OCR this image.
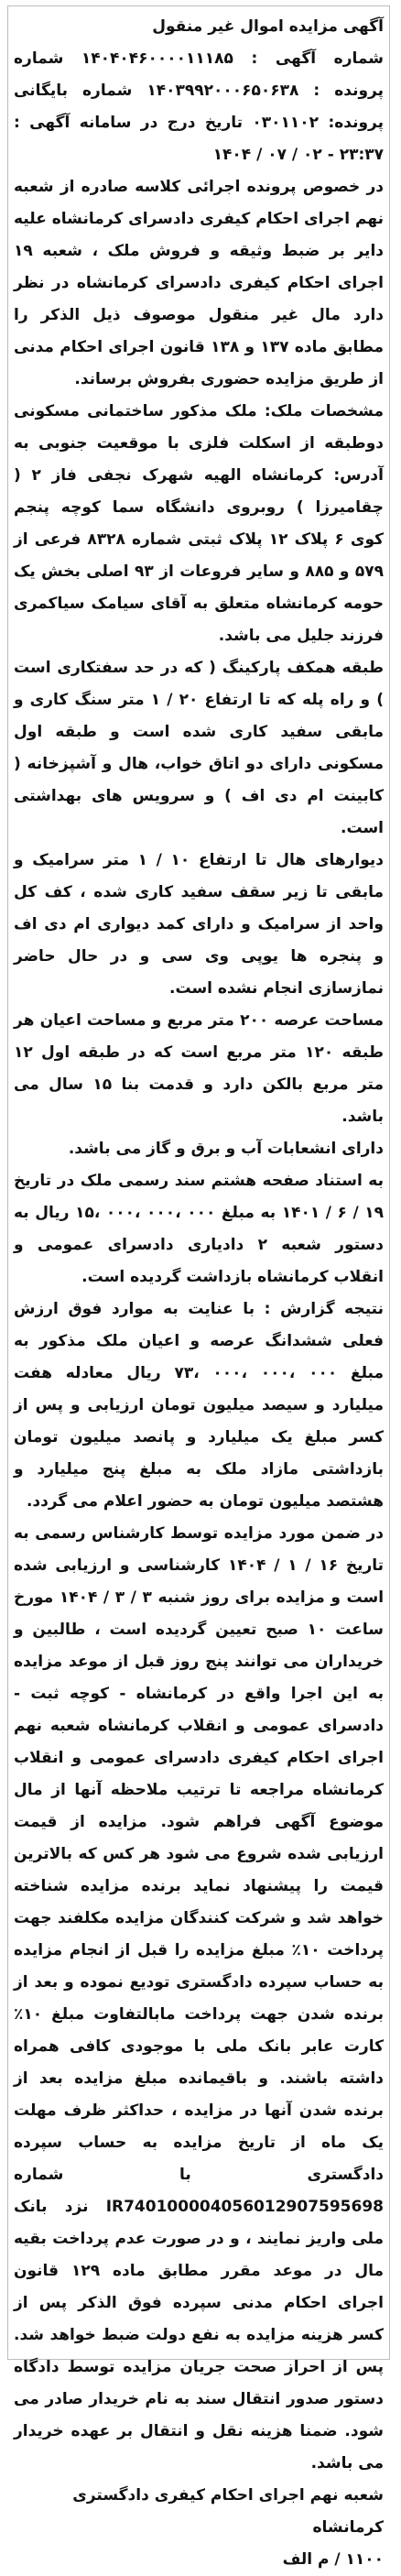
آگهی مزایده اموال غیر منقول

شماره آگهی : ۱۴۰۴۰۴۶۰۰۰۰۱۱۱۸۵ شماره پرونده : ۱۴۰۳۹۹۲۰۰۰۶۵۰۶۳۸ شماره بایگانی پرونده: ۰۳۰۱۱۰۲ تاریخ درج در سامانه آگهی : ۲۳:۳۷ - ۰۲ / ۰۷ / ۱۴۰۴

در خصوص پرونده اجرائی کلاسه صادره از شعبه نهم اجرای احکام کیفری دادسرای کرمانشاه علیه دایر بر ضبط وثیقه و فروش ملک ، شعبه ۱۹ اجرای احکام کیفری دادسرای کرمانشاه در نظر دارد مال غیر منقول موصوف ذیل الذکر را مطابق ماده ۱۳۷ و ۱۳۸ قانون اجرای احکام مدنی از طریق مزایده حضوری بفروش برساند.

مشخصات ملک: ملک مذکور ساختمانی مسکونی دوطبقه از اسکلت فلزی با موقعیت جنوبی به آدرس: کرمانشاه الهیه شهرک نجفی فاز ۲ ( چقامیرزا ) روبروی دانشگاه سما کوچه پنجم کوی ۶ پلاک ۱۲ پلاک ثبتی شماره ۸۳۲۸ فرعی از ۵۷۹ و ۸۸۵ و سایر فروعات از ۹۳ اصلی بخش یک حومه کرمانشاه متعلق به آقای سیامک سیاکمری فرزند جلیل می باشد.

طبقه همکف پارکینگ ( که در حد سفتکاری است ) و راه پله که تا ارتفاع ۲۰ / ۱ متر سنگ کاری و مابقی سفید کاری شده است و طبقه اول مسکونی دارای دو اتاق خواب، هال و آشپزخانه ( کابینت ام دی اف ) و سرویس های بهداشتی است.

دیوارهای هال تا ارتفاع ۱۰ / ۱ متر سرامیک و مابقی تا زیر سقف سفید کاری شده ، کف کل واحد از سرامیک و دارای کمد دیواری ام دی اف و پنجره ها یوپی وی سی و در حال حاضر نمازسازی انجام نشده است.

مساحت عرصه ۲۰۰ متر مربع و مساحت اعیان هر طبقه ۱۲۰ متر مربع است که در طبقه اول ۱۲ متر مربع بالکن دارد و قدمت بنا ۱۵ سال می باشد.

دارای انشعابات آب و برق و گاز می باشد.

به استناد صفحه هشتم سند رسمی ملک در تاریخ ۱۹ / ۶ / ۱۴۰۱ به مبلغ ۰۰۰ ،۰۰۰ ،۰۰۰ ،۱۵ ریال به دستور شعبه ۲ دادیاری دادسرای عمومی و انقلاب کرمانشاه بازداشت گردیده است.

نتیجه گزارش : با عنایت به موارد فوق ارزش فعلی ششدانگ عرصه و اعیان ملک مذکور به مبلغ ۰۰۰ ،۰۰۰ ،۰۰۰ ،۷۳ ریال معادله هفت میلیارد و سیصد میلیون تومان ارزیابی و پس از کسر مبلغ یک میلیارد و پانصد میلیون تومان بازداشتی مازاد ملک به مبلغ پنج میلیارد و هشتصد میلیون تومان به حضور اعلام می گردد.

در ضمن مورد مزایده توسط کارشناس رسمی به تاریخ ۱۶ / ۱ / ۱۴۰۴ کارشناسی و ارزیابی شده است و مزایده برای روز شنبه ۳ / ۳ / ۱۴۰۴ مورخ ساعت ۱۰ صبح تعیین گردیده است ، طالبین و خریداران می توانند پنج روز قبل از موعد مزایده به این اجرا واقع در کرمانشاه - کوچه ثبت - دادسرای عمومی و انقلاب کرمانشاه شعبه نهم اجرای احکام کیفری دادسرای عمومی و انقلاب کرمانشاه مراجعه تا ترتیب ملاحظه آنها از مال موضوع آگهی فراهم شود. مزایده از قیمت ارزیابی شده شروع می شود هر کس که بالاترین قیمت را پیشنهاد نماید برنده مزایده شناخته خواهد شد و شرکت کنندگان مزایده مکلفند جهت پرداخت ۱۰٪ مبلغ مزایده را قبل از انجام مزایده به حساب سپرده دادگستری تودیع نموده و بعد از برنده شدن جهت پرداخت مابالتفاوت مبلغ ۱۰٪ کارت عابر بانک ملی با موجودی کافی همراه داشته باشند. و باقیمانده مبلغ مزایده بعد از برنده شدن آنها در مزایده ، حداکثر ظرف مهلت یک ماه از تاریخ مزایده به حساب سپرده دادگستری با شماره IR740100004056012907595698 نزد بانک ملی واریز نمایند ، و در صورت عدم پرداخت بقیه مال در موعد مقرر مطابق ماده ۱۲۹ قانون اجرای احکام مدنی سپرده فوق الذکر پس از کسر هزینه مزایده به نفع دولت ضبط خواهد شد. پس از احراز صحت جریان مزایده توسط دادگاه دستور صدور انتقال سند به نام خریدار صادر می شود. ضمنا هزینه نقل و انتقال بر عهده خریدار می باشد.

شعبه نهم اجرای احکام کیفری دادگستری کرمانشاه

۱۱۰۰ / م الف
